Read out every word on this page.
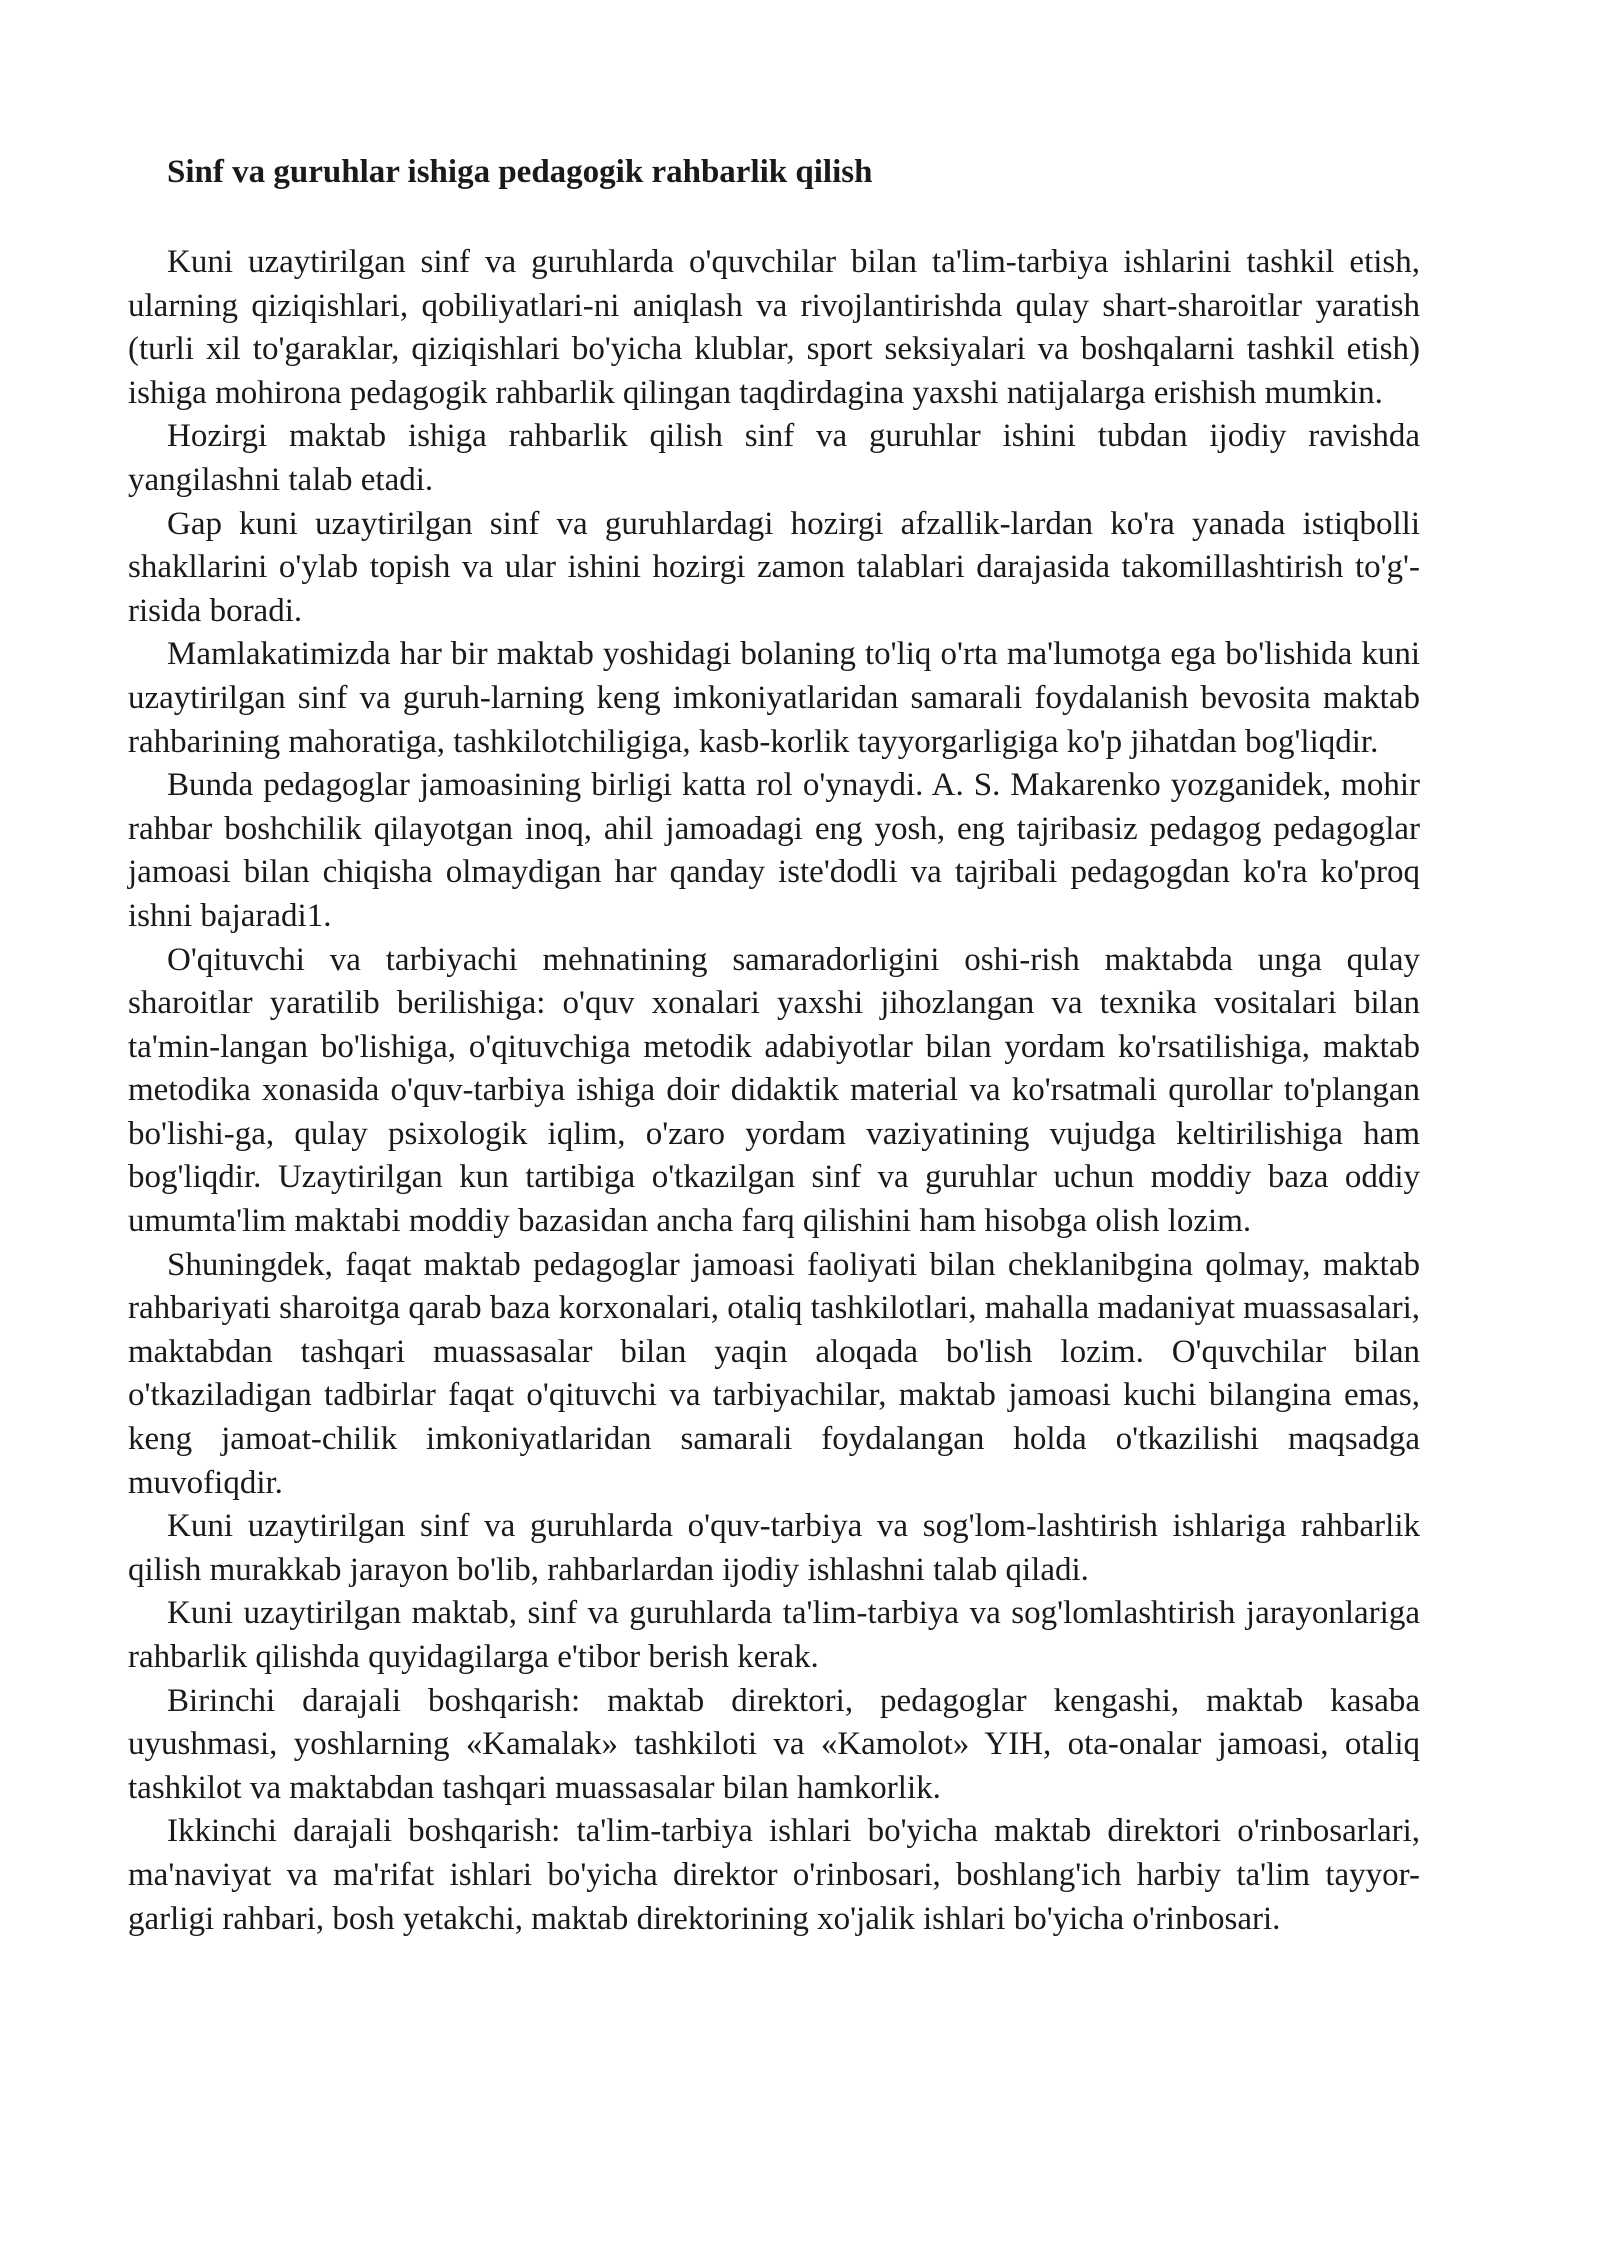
Sinf va guruhlar ishiga pedagogik rahbarlik qilish

Kuni uzaytirilgan sinf va guruhlarda o'quvchilar bilan ta'lim-tarbiya ishlarini tashkil etish, ularning qiziqishlari, qobiliyatlari-ni aniqlash va rivojlantirishda qulay shart-sharoitlar yaratish (turli xil to'garaklar, qiziqishlari bo'yicha klublar, sport seksiyalari va boshqalarni tashkil etish) ishiga mohirona pedagogik rahbarlik qilingan taqdirdagina yaxshi natijalarga erishish mumkin.

Hozirgi maktab ishiga rahbarlik qilish sinf va guruhlar ishini tubdan ijodiy ravishda yangilashni talab etadi.

Gap kuni uzaytirilgan sinf va guruhlardagi hozirgi afzallik-lardan ko'ra yanada istiqbolli shakllarini o'ylab topish va ular ishini hozirgi zamon talablari darajasida takomillashtirish to'g'-risida boradi.

Mamlakatimizda har bir maktab yoshidagi bolaning to'liq o'rta ma'lumotga ega bo'lishida kuni uzaytirilgan sinf va guruh-larning keng imkoniyatlaridan samarali foydalanish bevosita maktab rahbarining mahoratiga, tashkilotchiligiga, kasb-korlik tayyorgarligiga ko'p jihatdan bog'liqdir.

Bunda pedagoglar jamoasining birligi katta rol o'ynaydi. A. S. Makarenko yozganidek, mohir rahbar boshchilik qilayotgan inoq, ahil jamoadagi eng yosh, eng tajribasiz pedagog pedagoglar jamoasi bilan chiqisha olmaydigan har qanday iste'dodli va tajribali pedagogdan ko'ra ko'proq ishni bajaradi1.

O'qituvchi va tarbiyachi mehnatining samaradorligini oshi-rish maktabda unga qulay sharoitlar yaratilib berilishiga: o'quv xonalari yaxshi jihozlangan va texnika vositalari bilan ta'min-langan bo'lishiga, o'qituvchiga metodik adabiyotlar bilan yordam ko'rsatilishiga, maktab metodika xonasida o'quv-tarbiya ishiga doir didaktik material va ko'rsatmali qurollar to'plangan bo'lishi-ga, qulay psixologik iqlim, o'zaro yordam vaziyatining vujudga keltirilishiga ham bog'liqdir. Uzaytirilgan kun tartibiga o'tkazilgan sinf va guruhlar uchun moddiy baza oddiy umumta'lim maktabi moddiy bazasidan ancha farq qilishini ham hisobga olish lozim.

Shuningdek, faqat maktab pedagoglar jamoasi faoliyati bilan cheklanibgina qolmay, maktab rahbariyati sharoitga qarab baza korxonalari, otaliq tashkilotlari, mahalla madaniyat muassasalari, maktabdan tashqari muassasalar bilan yaqin aloqada bo'lish lozim. O'quvchilar bilan o'tkaziladigan tadbirlar faqat o'qituvchi va tarbiyachilar, maktab jamoasi kuchi bilangina emas, keng jamoat-chilik imkoniyatlaridan samarali foydalangan holda o'tkazilishi maqsadga muvofiqdir.

Kuni uzaytirilgan sinf va guruhlarda o'quv-tarbiya va sog'lom-lashtirish ishlariga rahbarlik qilish murakkab jarayon bo'lib, rahbarlardan ijodiy ishlashni talab qiladi.

Kuni uzaytirilgan maktab, sinf va guruhlarda ta'lim-tarbiya va sog'lomlashtirish jarayonlariga rahbarlik qilishda quyidagilarga e'tibor berish kerak.

Birinchi darajali boshqarish: maktab direktori, pedagoglar kengashi, maktab kasaba uyushmasi, yoshlarning «Kamalak» tashkiloti va «Kamolot» YIH, ota-onalar jamoasi, otaliq tashkilot va maktabdan tashqari muassasalar bilan hamkorlik.

Ikkinchi darajali boshqarish: ta'lim-tarbiya ishlari bo'yicha maktab direktori o'rinbosarlari, ma'naviyat va ma'rifat ishlari bo'yicha direktor o'rinbosari, boshlang'ich harbiy ta'lim tayyor-garligi rahbari, bosh yetakchi, maktab direktorining xo'jalik ishlari bo'yicha o'rinbosari.
